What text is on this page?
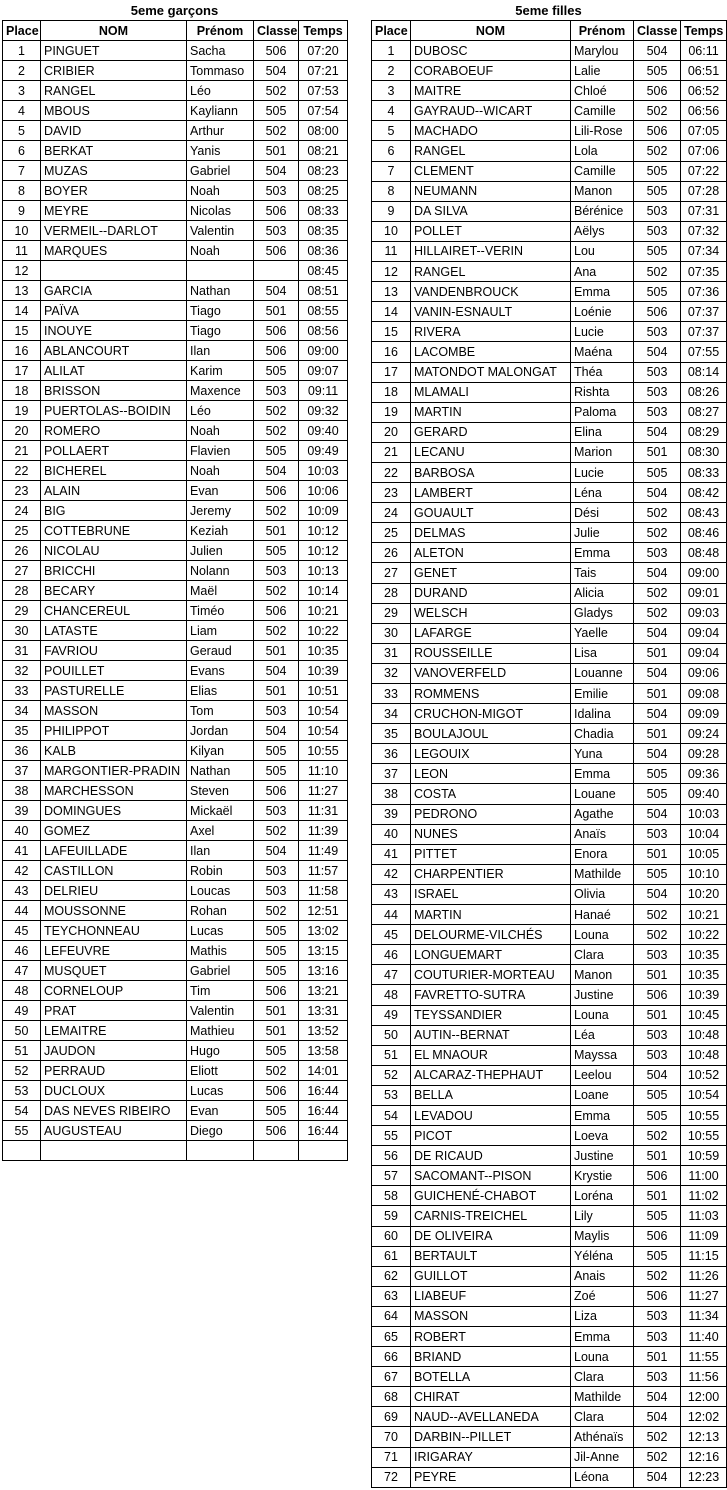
5eme garçons
Place	NOM	Prénom	Classe	Temps
1	PINGUET	Sacha	506	07:20
2	CRIBIER	Tommaso	504	07:21
3	RANGEL	Léo	502	07:53
4	MBOUS	Kayliann	505	07:54
5	DAVID	Arthur	502	08:00
6	BERKAT	Yanis	501	08:21
7	MUZAS	Gabriel	504	08:23
8	BOYER	Noah	503	08:25
9	MEYRE	Nicolas	506	08:33
10	VERMEIL--DARLOT	Valentin	503	08:35
11	MARQUES	Noah	506	08:36
12				08:45
13	GARCIA	Nathan	504	08:51
14	PAÏVA	Tiago	501	08:55
15	INOUYE	Tiago	506	08:56
16	ABLANCOURT	Ilan	506	09:00
17	ALILAT	Karim	505	09:07
18	BRISSON	Maxence	503	09:11
19	PUERTOLAS--BOIDIN	Léo	502	09:32
20	ROMERO	Noah	502	09:40
21	POLLAERT	Flavien	505	09:49
22	BICHEREL	Noah	504	10:03
23	ALAIN	Evan	506	10:06
24	BIG	Jeremy	502	10:09
25	COTTEBRUNE	Keziah	501	10:12
26	NICOLAU	Julien	505	10:12
27	BRICCHI	Nolann	503	10:13
28	BECARY	Maël	502	10:14
29	CHANCEREUL	Timéo	506	10:21
30	LATASTE	Liam	502	10:22
31	FAVRIOU	Geraud	501	10:35
32	POUILLET	Evans	504	10:39
33	PASTURELLE	Elias	501	10:51
34	MASSON	Tom	503	10:54
35	PHILIPPOT	Jordan	504	10:54
36	KALB	Kilyan	505	10:55
37	MARGONTIER-PRADIN	Nathan	505	11:10
38	MARCHESSON	Steven	506	11:27
39	DOMINGUES	Mickaël	503	11:31
40	GOMEZ	Axel	502	11:39
41	LAFEUILLADE	Ilan	504	11:49
42	CASTILLON	Robin	503	11:57
43	DELRIEU	Loucas	503	11:58
44	MOUSSONNE	Rohan	502	12:51
45	TEYCHONNEAU	Lucas	505	13:02
46	LEFEUVRE	Mathis	505	13:15
47	MUSQUET	Gabriel	505	13:16
48	CORNELOUP	Tim	506	13:21
49	PRAT	Valentin	501	13:31
50	LEMAITRE	Mathieu	501	13:52
51	JAUDON	Hugo	505	13:58
52	PERRAUD	Eliott	502	14:01
53	DUCLOUX	Lucas	506	16:44
54	DAS NEVES RIBEIRO	Evan	505	16:44
55	AUGUSTEAU	Diego	506	16:44

5eme filles
Place	NOM	Prénom	Classe	Temps
1	DUBOSC	Marylou	504	06:11
2	CORABOEUF	Lalie	505	06:51
3	MAITRE	Chloé	506	06:52
4	GAYRAUD--WICART	Camille	502	06:56
5	MACHADO	Lili-Rose	506	07:05
6	RANGEL	Lola	502	07:06
7	CLEMENT	Camille	505	07:22
8	NEUMANN	Manon	505	07:28
9	DA SILVA	Bérénice	503	07:31
10	POLLET	Aëlys	503	07:32
11	HILLAIRET--VERIN	Lou	505	07:34
12	RANGEL	Ana	502	07:35
13	VANDENBROUCK	Emma	505	07:36
14	VANIN-ESNAULT	Loénie	506	07:37
15	RIVERA	Lucie	503	07:37
16	LACOMBE	Maéna	504	07:55
17	MATONDOT MALONGAT	Théa	503	08:14
18	MLAMALI	Rishta	503	08:26
19	MARTIN	Paloma	503	08:27
20	GERARD	Elina	504	08:29
21	LECANU	Marion	501	08:30
22	BARBOSA	Lucie	505	08:33
23	LAMBERT	Léna	504	08:42
24	GOUAULT	Dési	502	08:43
25	DELMAS	Julie	502	08:46
26	ALETON	Emma	503	08:48
27	GENET	Tais	504	09:00
28	DURAND	Alicia	502	09:01
29	WELSCH	Gladys	502	09:03
30	LAFARGE	Yaelle	504	09:04
31	ROUSSEILLE	Lisa	501	09:04
32	VANOVERFELD	Louanne	504	09:06
33	ROMMENS	Emilie	501	09:08
34	CRUCHON-MIGOT	Idalina	504	09:09
35	BOULAJOUL	Chadia	501	09:24
36	LEGOUIX	Yuna	504	09:28
37	LEON	Emma	505	09:36
38	COSTA	Louane	505	09:40
39	PEDRONO	Agathe	504	10:03
40	NUNES	Anaïs	503	10:04
41	PITTET	Enora	501	10:05
42	CHARPENTIER	Mathilde	505	10:10
43	ISRAEL	Olivia	504	10:20
44	MARTIN	Hanaé	502	10:21
45	DELOURME-VILCHÉS	Louna	502	10:22
46	LONGUEMART	Clara	503	10:35
47	COUTURIER-MORTEAU	Manon	501	10:35
48	FAVRETTO-SUTRA	Justine	506	10:39
49	TEYSSANDIER	Louna	501	10:45
50	AUTIN--BERNAT	Léa	503	10:48
51	EL MNAOUR	Mayssa	503	10:48
52	ALCARAZ-THEPHAUT	Leelou	504	10:52
53	BELLA	Loane	505	10:54
54	LEVADOU	Emma	505	10:55
55	PICOT	Loeva	502	10:55
56	DE RICAUD	Justine	501	10:59
57	SACOMANT--PISON	Krystie	506	11:00
58	GUICHENÉ-CHABOT	Loréna	501	11:02
59	CARNIS-TREICHEL	Lily	505	11:03
60	DE OLIVEIRA	Maylis	506	11:09
61	BERTAULT	Yéléna	505	11:15
62	GUILLOT	Anais	502	11:26
63	LIABEUF	Zoé	506	11:27
64	MASSON	Liza	503	11:34
65	ROBERT	Emma	503	11:40
66	BRIAND	Louna	501	11:55
67	BOTELLA	Clara	503	11:56
68	CHIRAT	Mathilde	504	12:00
69	NAUD--AVELLANEDA	Clara	504	12:02
70	DARBIN--PILLET	Athénaïs	502	12:13
71	IRIGARAY	Jil-Anne	502	12:16
72	PEYRE	Léona	504	12:23
